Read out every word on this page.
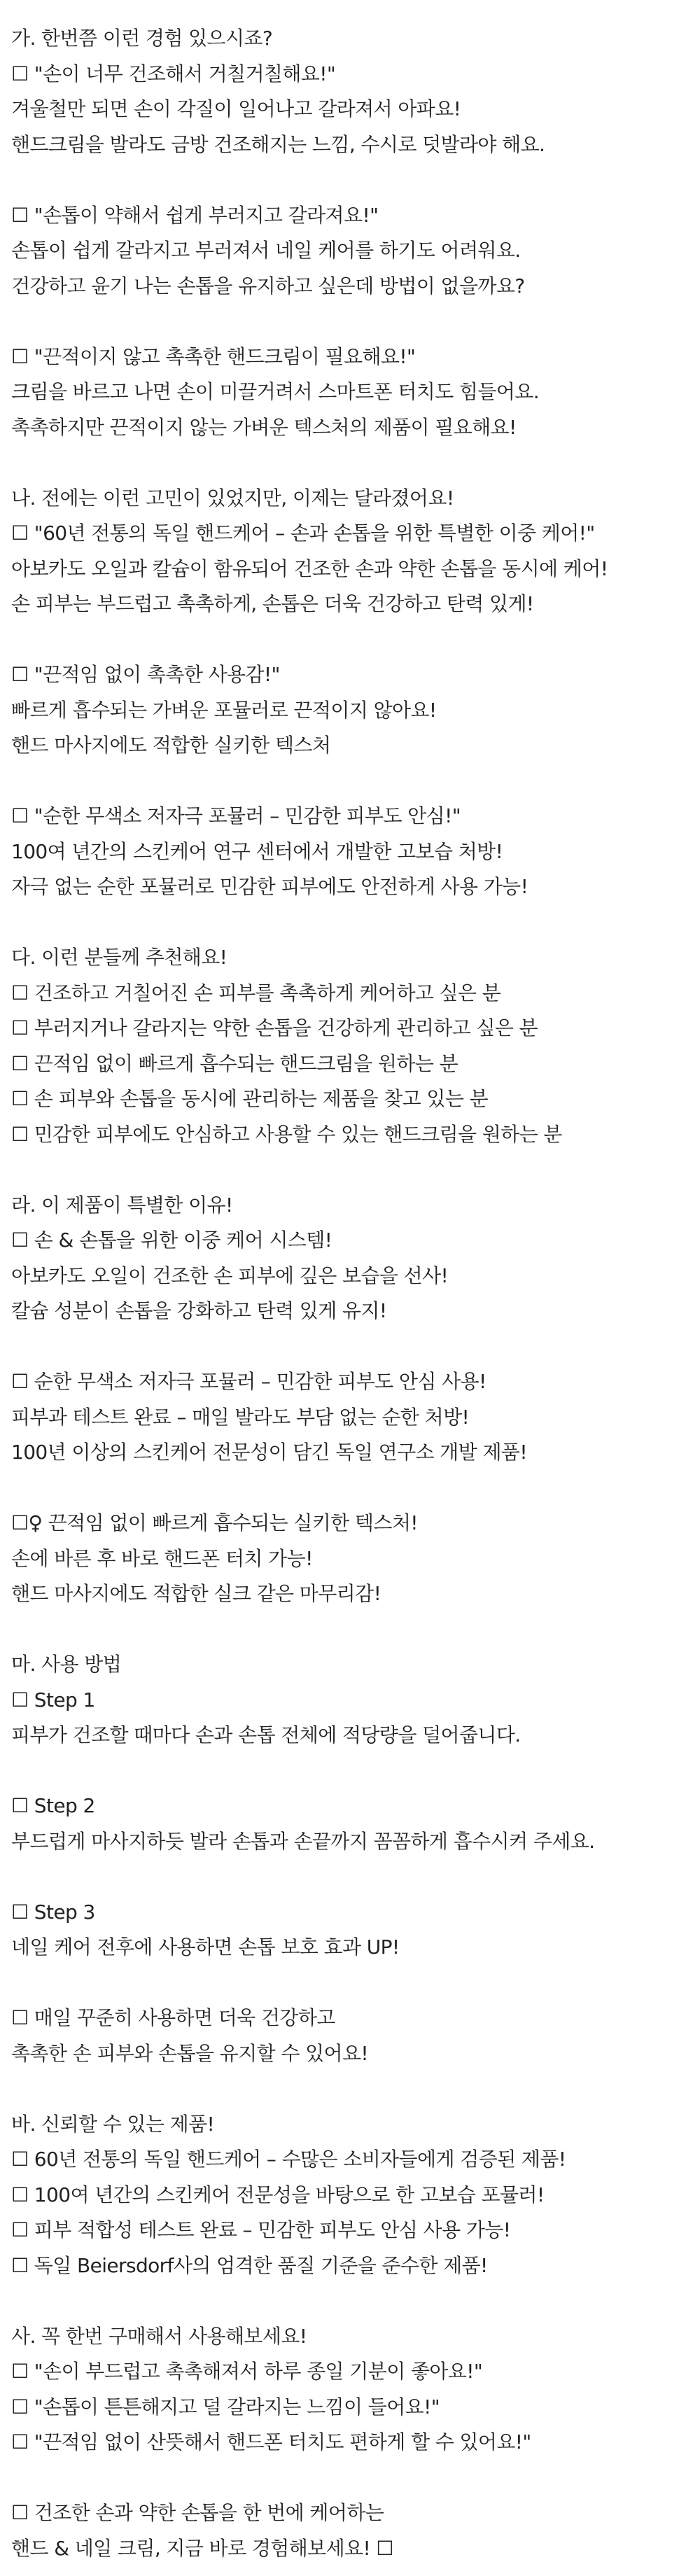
가. 한번쯤 이런 경험 있으시죠?
☐ "손이 너무 건조해서 거칠거칠해요!"
겨울철만 되면 손이 각질이 일어나고 갈라져서 아파요!
핸드크림을 발라도 금방 건조해지는 느낌, 수시로 덧발라야 해요.
☐ "손톱이 약해서 쉽게 부러지고 갈라져요!"
손톱이 쉽게 갈라지고 부러져서 네일 케어를 하기도 어려워요.
건강하고 윤기 나는 손톱을 유지하고 싶은데 방법이 없을까요?
☐ "끈적이지 않고 촉촉한 핸드크림이 필요해요!"
크림을 바르고 나면 손이 미끌거려서 스마트폰 터치도 힘들어요.
촉촉하지만 끈적이지 않는 가벼운 텍스처의 제품이 필요해요!
나. 전에는 이런 고민이 있었지만, 이제는 달라졌어요!
☐ "60년 전통의 독일 핸드케어 – 손과 손톱을 위한 특별한 이중 케어!"
아보카도 오일과 칼슘이 함유되어 건조한 손과 약한 손톱을 동시에 케어!
손 피부는 부드럽고 촉촉하게, 손톱은 더욱 건강하고 탄력 있게!
☐ "끈적임 없이 촉촉한 사용감!"
빠르게 흡수되는 가벼운 포뮬러로 끈적이지 않아요!
핸드 마사지에도 적합한 실키한 텍스처
☐ "순한 무색소 저자극 포뮬러 – 민감한 피부도 안심!"
100여 년간의 스킨케어 연구 센터에서 개발한 고보습 처방!
자극 없는 순한 포뮬러로 민감한 피부에도 안전하게 사용 가능!
다. 이런 분들께 추천해요!
☐ 건조하고 거칠어진 손 피부를 촉촉하게 케어하고 싶은 분
☐ 부러지거나 갈라지는 약한 손톱을 건강하게 관리하고 싶은 분
☐ 끈적임 없이 빠르게 흡수되는 핸드크림을 원하는 분
☐ 손 피부와 손톱을 동시에 관리하는 제품을 찾고 있는 분
☐ 민감한 피부에도 안심하고 사용할 수 있는 핸드크림을 원하는 분
라. 이 제품이 특별한 이유!
☐ 손 & 손톱을 위한 이중 케어 시스템!
아보카도 오일이 건조한 손 피부에 깊은 보습을 선사!
칼슘 성분이 손톱을 강화하고 탄력 있게 유지!
☐ 순한 무색소 저자극 포뮬러 – 민감한 피부도 안심 사용!
피부과 테스트 완료 – 매일 발라도 부담 없는 순한 처방!
100년 이상의 스킨케어 전문성이 담긴 독일 연구소 개발 제품!
☐♀ 끈적임 없이 빠르게 흡수되는 실키한 텍스처!
손에 바른 후 바로 핸드폰 터치 가능!
핸드 마사지에도 적합한 실크 같은 마무리감!
마. 사용 방법
☐ Step 1
피부가 건조할 때마다 손과 손톱 전체에 적당량을 덜어줍니다.
☐ Step 2
부드럽게 마사지하듯 발라 손톱과 손끝까지 꼼꼼하게 흡수시켜 주세요.
☐ Step 3
네일 케어 전후에 사용하면 손톱 보호 효과 UP!
☐ 매일 꾸준히 사용하면 더욱 건강하고
촉촉한 손 피부와 손톱을 유지할 수 있어요!
바. 신뢰할 수 있는 제품!
☐ 60년 전통의 독일 핸드케어 – 수많은 소비자들에게 검증된 제품!
☐ 100여 년간의 스킨케어 전문성을 바탕으로 한 고보습 포뮬러!
☐ 피부 적합성 테스트 완료 – 민감한 피부도 안심 사용 가능!
☐ 독일 Beiersdorf사의 엄격한 품질 기준을 준수한 제품!
사. 꼭 한번 구매해서 사용해보세요!
☐ "손이 부드럽고 촉촉해져서 하루 종일 기분이 좋아요!"
☐ "손톱이 튼튼해지고 덜 갈라지는 느낌이 들어요!"
☐ "끈적임 없이 산뜻해서 핸드폰 터치도 편하게 할 수 있어요!"
☐ 건조한 손과 약한 손톱을 한 번에 케어하는
핸드 & 네일 크림, 지금 바로 경험해보세요! ☐
